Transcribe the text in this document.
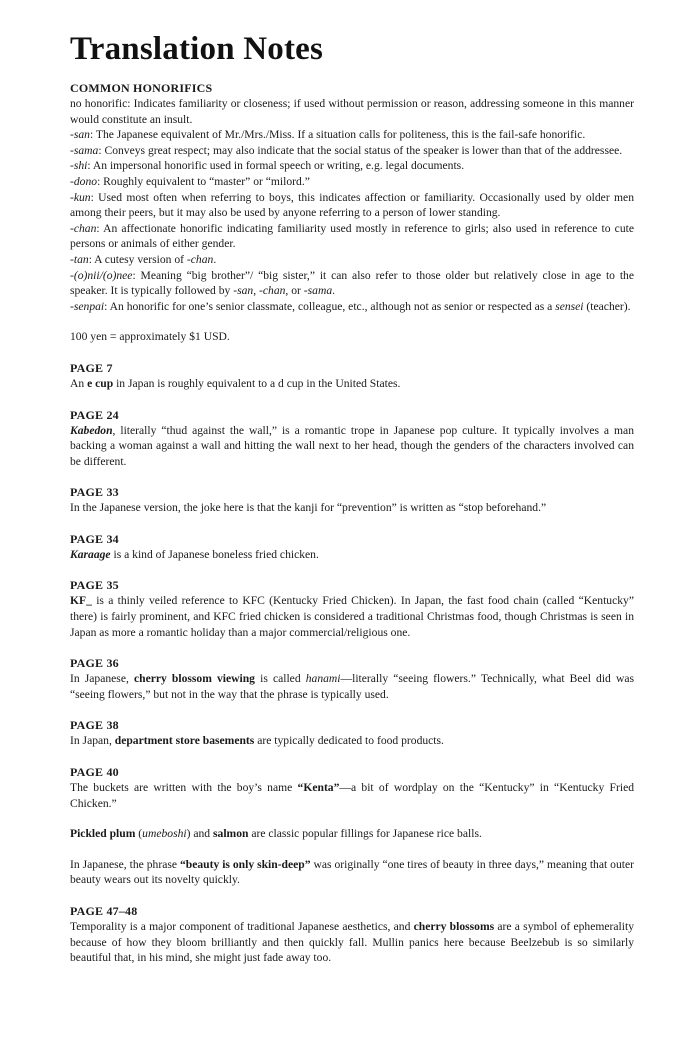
Translation Notes
COMMON HONORIFICS

no honorific: Indicates familiarity or closeness; if used without permission or reason, addressing someone in this manner would constitute an insult.

-san: The Japanese equivalent of Mr./Mrs./Miss. If a situation calls for politeness, this is the fail-safe honorific.

-sama: Conveys great respect; may also indicate that the social status of the speaker is lower than that of the addressee.

-shi: An impersonal honorific used in formal speech or writing, e.g. legal documents.

-dono: Roughly equivalent to “master” or “milord.”

-kun: Used most often when referring to boys, this indicates affection or familiarity. Occasionally used by older men among their peers, but it may also be used by anyone referring to a person of lower standing.

-chan: An affectionate honorific indicating familiarity used mostly in reference to girls; also used in reference to cute persons or animals of either gender.

-tan: A cutesy version of -chan.

-(o)nii/(o)nee: Meaning “big brother”/ “big sister,” it can also refer to those older but relatively close in age to the speaker. It is typically followed by -san, -chan, or -sama.

-senpai: An honorific for one’s senior classmate, colleague, etc., although not as senior or respected as a sensei (teacher).

100 yen = approximately $1 USD.

PAGE 7

An e cup in Japan is roughly equivalent to a d cup in the United States.

PAGE 24

Kabedon, literally “thud against the wall,” is a romantic trope in Japanese pop culture. It typically involves a man backing a woman against a wall and hitting the wall next to her head, though the genders of the characters involved can be different.

PAGE 33

In the Japanese version, the joke here is that the kanji for “prevention” is written as “stop beforehand.”

PAGE 34

Karaage is a kind of Japanese boneless fried chicken.

PAGE 35

KF_ is a thinly veiled reference to KFC (Kentucky Fried Chicken). In Japan, the fast food chain (called “Kentucky” there) is fairly prominent, and KFC fried chicken is considered a traditional Christmas food, though Christmas is seen in Japan as more a romantic holiday than a major commercial/religious one.

PAGE 36

In Japanese, cherry blossom viewing is called hanami—literally “seeing flowers.” Technically, what Beel did was “seeing flowers,” but not in the way that the phrase is typically used.

PAGE 38

In Japan, department store basements are typically dedicated to food products.

PAGE 40

The buckets are written with the boy’s name “Kenta”—a bit of wordplay on the “Kentucky” in “Kentucky Fried Chicken.”

Pickled plum (umeboshi) and salmon are classic popular fillings for Japanese rice balls.

In Japanese, the phrase “beauty is only skin-deep” was originally “one tires of beauty in three days,” meaning that outer beauty wears out its novelty quickly.

PAGE 47–48

Temporality is a major component of traditional Japanese aesthetics, and cherry blossoms are a symbol of ephemerality because of how they bloom brilliantly and then quickly fall. Mullin panics here because Beelzebub is so similarly beautiful that, in his mind, she might just fade away too.
